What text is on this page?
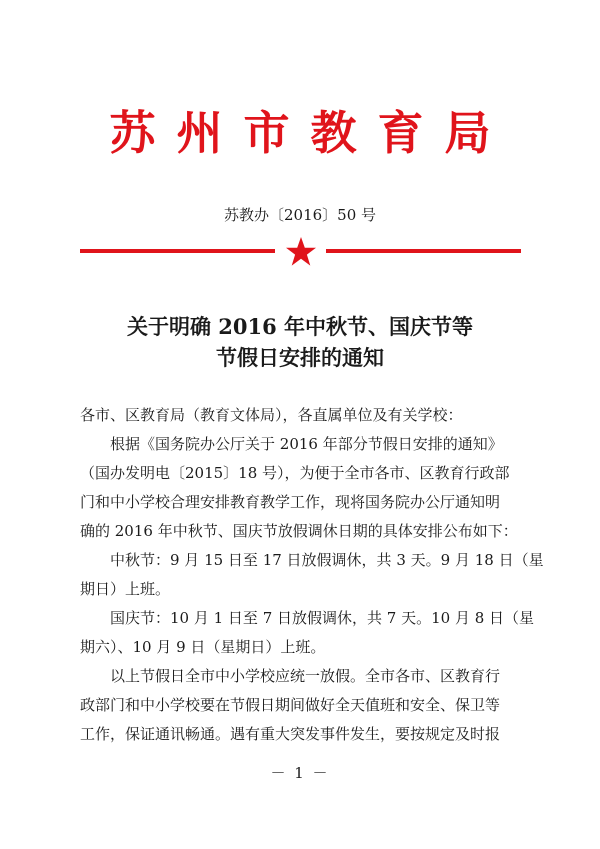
苏州市教育局
苏教办〔2016〕50 号
关于明确 2016 年中秋节、国庆节等
节假日安排的通知
各市、区教育局（教育文体局），各直属单位及有关学校：
根据《国务院办公厅关于 2016 年部分节假日安排的通知》
（国办发明电〔2015〕18 号），为便于全市各市、区教育行政部
门和中小学校合理安排教育教学工作，现将国务院办公厅通知明
确的 2016 年中秋节、国庆节放假调休日期的具体安排公布如下：
中秋节：9 月 15 日至 17 日放假调休，共 3 天。9 月 18 日（星
期日）上班。
国庆节：10 月 1 日至 7 日放假调休，共 7 天。10 月 8 日（星
期六）、10 月 9 日（星期日）上班。
以上节假日全市中小学校应统一放假。全市各市、区教育行
政部门和中小学校要在节假日期间做好全天值班和安全、保卫等
工作，保证通讯畅通。遇有重大突发事件发生，要按规定及时报
－ 1 －
